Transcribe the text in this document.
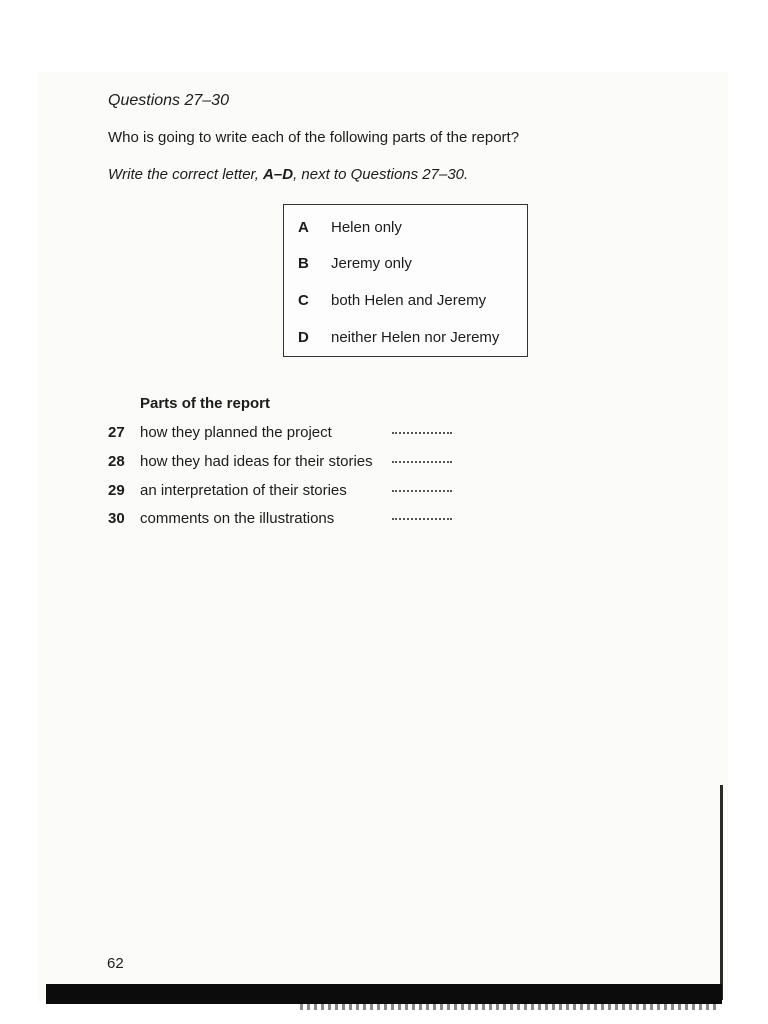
Questions 27–30
Who is going to write each of the following parts of the report?
Write the correct letter, A–D, next to Questions 27–30.
A Helen only
B Jeremy only
C both Helen and Jeremy
D neither Helen nor Jeremy
Parts of the report
27 how they planned the project
28 how they had ideas for their stories
29 an interpretation of their stories
30 comments on the illustrations
62
